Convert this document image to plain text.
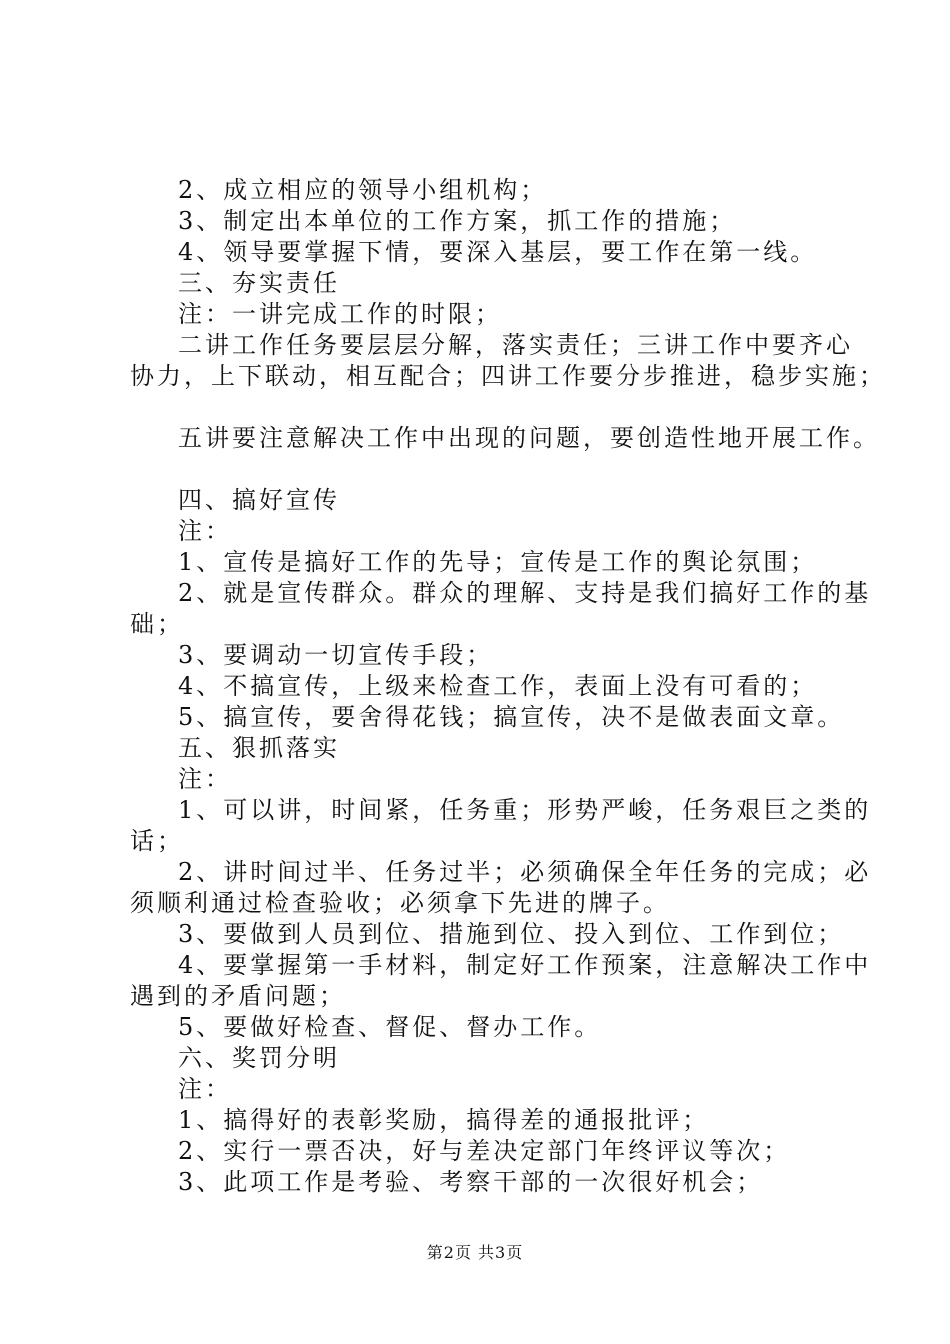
2、成立相应的领导小组机构；
3、制定出本单位的工作方案，抓工作的措施；
4、领导要掌握下情，要深入基层，要工作在第一线。
三、夯实责任
注：一讲完成工作的时限；
二讲工作任务要层层分解，落实责任；三讲工作中要齐心
协力，上下联动，相互配合；四讲工作要分步推进，稳步实施；
五讲要注意解决工作中出现的问题，要创造性地开展工作。
四、搞好宣传
注：
1、宣传是搞好工作的先导；宣传是工作的舆论氛围；
2、就是宣传群众。群众的理解、支持是我们搞好工作的基
础；
3、要调动一切宣传手段；
4、不搞宣传，上级来检查工作，表面上没有可看的；
5、搞宣传，要舍得花钱；搞宣传，决不是做表面文章。
五、狠抓落实
注：
1、可以讲，时间紧，任务重；形势严峻，任务艰巨之类的
话；
2、讲时间过半、任务过半；必须确保全年任务的完成；必
须顺利通过检查验收；必须拿下先进的牌子。
3、要做到人员到位、措施到位、投入到位、工作到位；
4、要掌握第一手材料，制定好工作预案，注意解决工作中
遇到的矛盾问题；
5、要做好检查、督促、督办工作。
六、奖罚分明
注：
1、搞得好的表彰奖励，搞得差的通报批评；
2、实行一票否决，好与差决定部门年终评议等次；
3、此项工作是考验、考察干部的一次很好机会；
第2页 共3页
